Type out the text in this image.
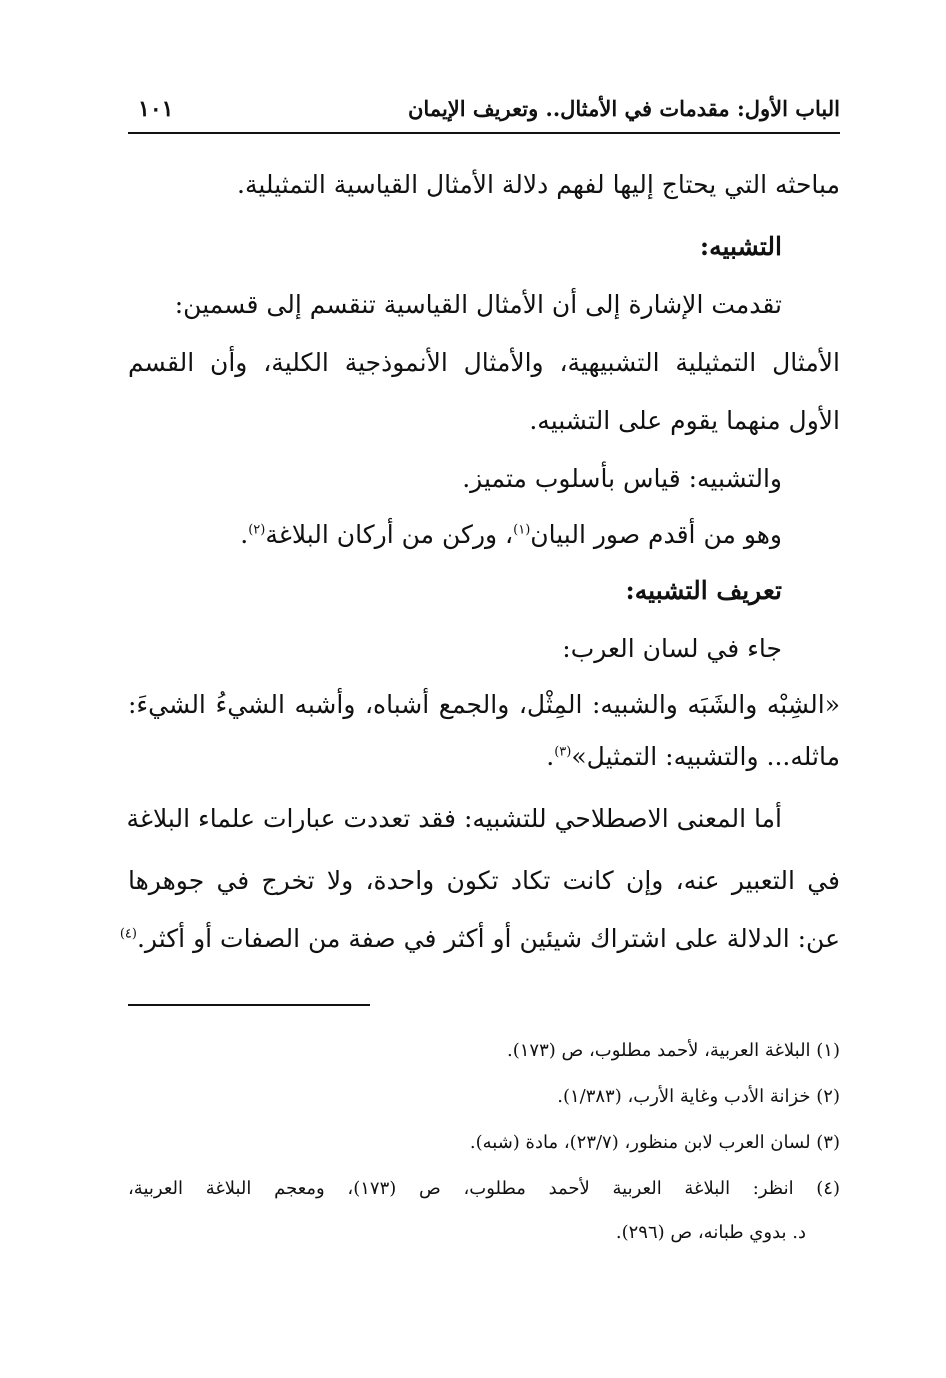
الباب الأول: مقدمات في الأمثال.. وتعريف الإيمان
١٠١
مباحثه التي يحتاج إليها لفهم دلالة الأمثال القياسية التمثيلية.
التشبيه:
تقدمت الإشارة إلى أن الأمثال القياسية تنقسم إلى قسمين:
الأمثال التمثيلية التشبيهية، والأمثال الأنموذجية الكلية، وأن القسم
الأول منهما يقوم على التشبيه.
والتشبيه: قياس بأسلوب متميز.
وهو من أقدم صور البيان$^{(١)}$، وركن من أركان البلاغة$^{(٢)}$.
تعريف التشبيه:
جاء في لسان العرب:
«الشِبْه والشَبَه والشبيه: المِثْل، والجمع أشباه، وأشبه الشيءُ الشيءَ:
ماثله... والتشبيه: التمثيل»$^{(٣)}$.
أما المعنى الاصطلاحي للتشبيه: فقد تعددت عبارات علماء البلاغة
في التعبير عنه، وإن كانت تكاد تكون واحدة، ولا تخرج في جوهرها
عن: الدلالة على اشتراك شيئين أو أكثر في صفة من الصفات أو أكثر.$^{(٤)}$
(١) البلاغة العربية، لأحمد مطلوب، ص (١٧٣).
(٢) خزانة الأدب وغاية الأرب، (١/٣٨٣).
(٣) لسان العرب لابن منظور، (٢٣/٧)، مادة (شبه).
(٤) انظر: البلاغة العربية لأحمد مطلوب، ص (١٧٣)، ومعجم البلاغة العربية،
د. بدوي طبانه، ص (٢٩٦).
